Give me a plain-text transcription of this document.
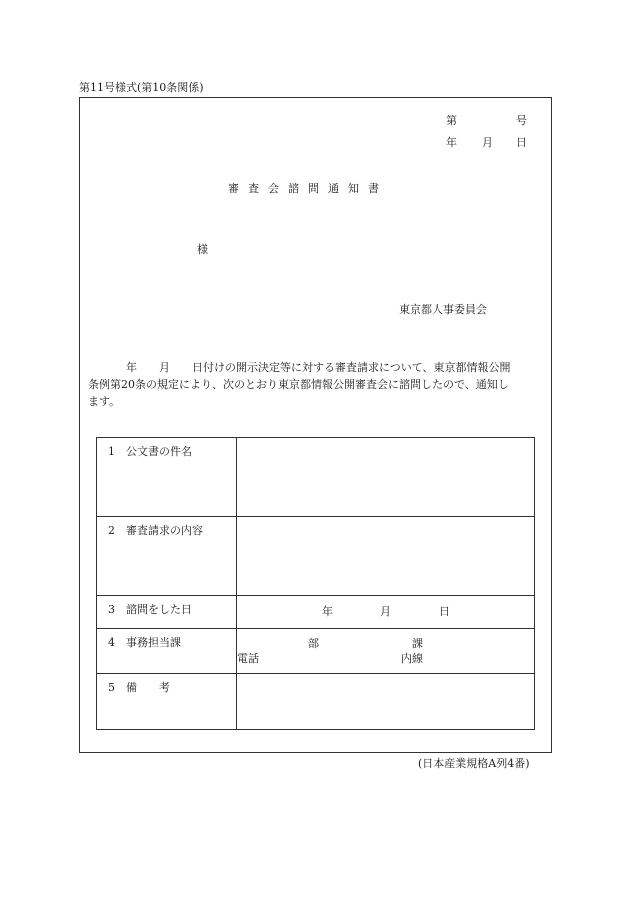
第11号様式(第10条関係)
第	号
年 月 日
審査会諮問通知書
様
東京都人事委員会
年　　月　　日付けの開示決定等に対する審査請求について、東京都情報公開
条例第20条の規定により、次のとおり東京都情報公開審査会に諮問したので、通知し
ます。
1 公文書の件名	

2 審査請求の内容	

3 諮問をした日	年 月 日

4 事務担当課	部 課
電話 内線

5 備　　考	

(日本産業規格A列4番)
